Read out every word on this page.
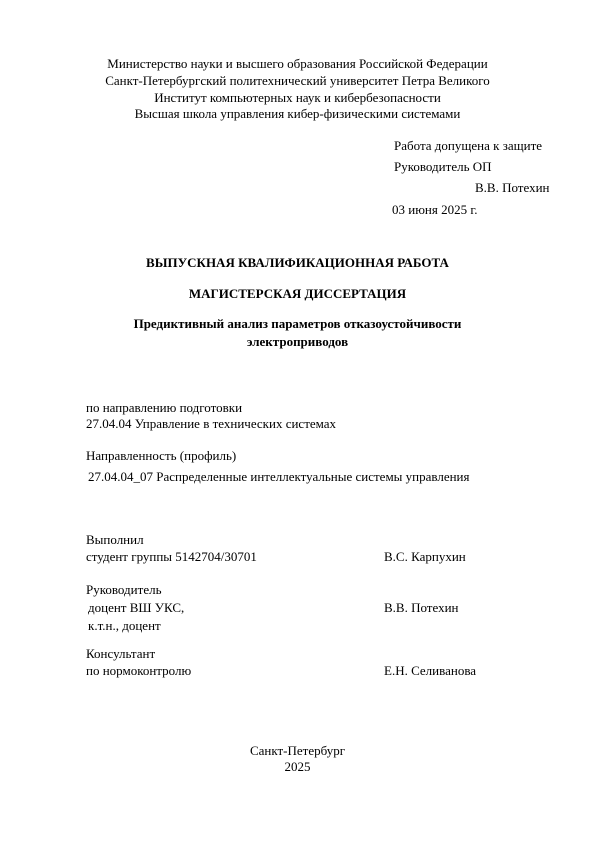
Министерство науки и высшего образования Российской Федерации
Санкт-Петербургский политехнический университет Петра Великого
Институт компьютерных наук и кибербезопасности
Высшая школа управления кибер-физическими системами
Работа допущена к защите
Руководитель ОП
В.В. Потехин
03 июня 2025 г.
ВЫПУСКНАЯ КВАЛИФИКАЦИОННАЯ РАБОТА
МАГИСТЕРСКАЯ ДИССЕРТАЦИЯ
Предиктивный анализ параметров отказоустойчивости
электроприводов
по направлению подготовки
27.04.04 Управление в технических системах
Направленность (профиль)
27.04.04_07 Распределенные интеллектуальные системы управления
Выполнил
студент группы 5142704/30701	В.С. Карпухин
Руководитель
доцент ВШ УКС,	В.В. Потехин
к.т.н., доцент
Консультант
по нормоконтролю	Е.Н. Селиванова
Санкт-Петербург
2025
